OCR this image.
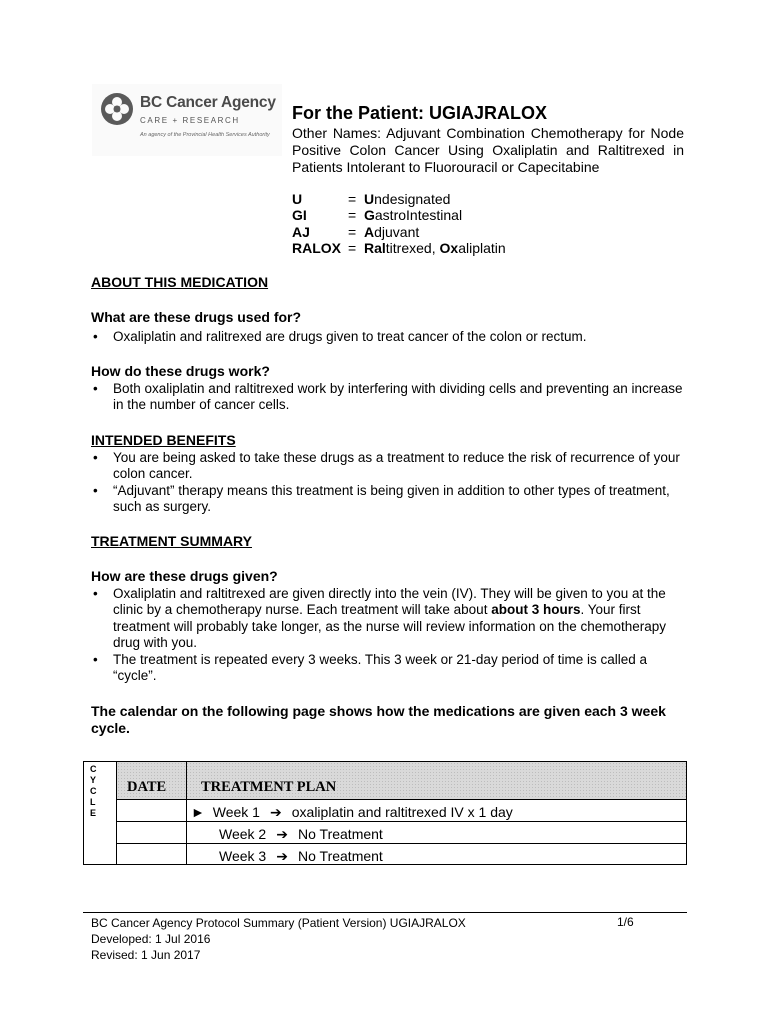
BC Cancer Agency
CARE + RESEARCH
An agency of the Provincial Health Services Authority
For the Patient: UGIAJRALOX
Other Names: Adjuvant Combination Chemotherapy for Node Positive Colon Cancer Using Oxaliplatin and Raltitrexed in Patients Intolerant to Fluorouracil or Capecitabine
U	= Undesignated
GI	= GastroIntestinal
AJ	= Adjuvant
RALOX = Raltitrexed, Oxaliplatin
ABOUT THIS MEDICATION
What are these drugs used for?
• Oxaliplatin and ralitrexed are drugs given to treat cancer of the colon or rectum.
How do these drugs work?
• Both oxaliplatin and raltitrexed work by interfering with dividing cells and preventing an increase in the number of cancer cells.
INTENDED BENEFITS
• You are being asked to take these drugs as a treatment to reduce the risk of recurrence of your colon cancer.
• “Adjuvant” therapy means this treatment is being given in addition to other types of treatment, such as surgery.
TREATMENT SUMMARY
How are these drugs given?
• Oxaliplatin and raltitrexed are given directly into the vein (IV). They will be given to you at the clinic by a chemotherapy nurse. Each treatment will take about about 3 hours. Your first treatment will probably take longer, as the nurse will review information on the chemotherapy drug with you.
• The treatment is repeated every 3 weeks. This 3 week or 21-day period of time is called a “cycle”.
The calendar on the following page shows how the medications are given each 3 week cycle.
C
Y
C
L
E
DATE TREATMENT PLAN
► Week 1 ➔ oxaliplatin and raltitrexed IV x 1 day
Week 2 ➔ No Treatment
Week 3 ➔ No Treatment
BC Cancer Agency Protocol Summary (Patient Version) UGIAJRALOX
Developed: 1 Jul 2016
Revised: 1 Jun 2017
1/6
